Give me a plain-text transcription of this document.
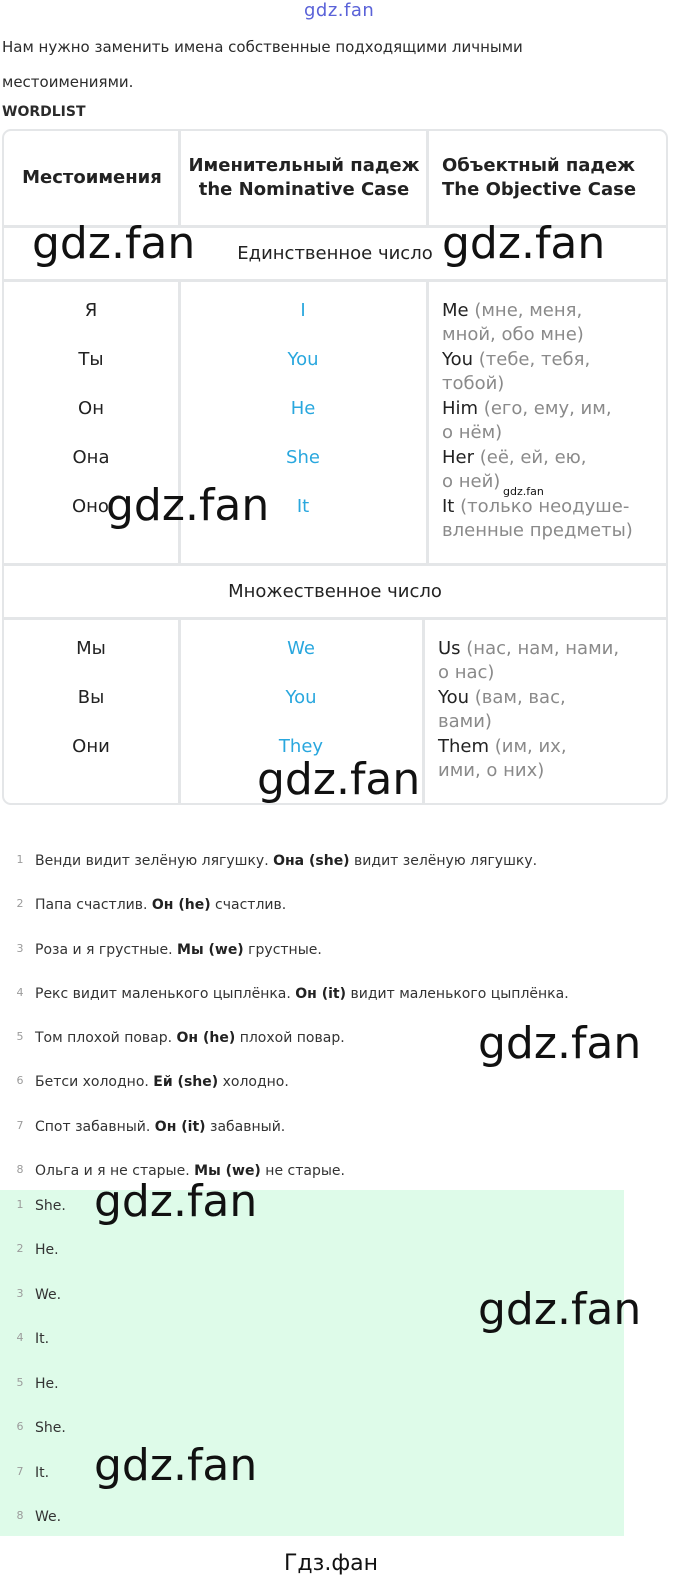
gdz.fan
Нам нужно заменить имена собственные подходящими личными местоимениями.
WORDLIST
Местоимения
Именительный падеж
the Nominative Case
Объектный падеж
The Objective Case
Единственное число
Я
Ты
Он
Она
Оно
I
You
He
She
It
Me (мне, меня,
мной, обо мне)
You (тебе, тебя,
тобой)
Him (его, ему, им,
о нём)
Her (её, ей, ею,
о ней)
It (только неодуше-
вленные предметы)
Множественное число
Мы
Вы
Они
We
You
They
Us (нас, нам, нами,
о нас)
You (вам, вас,
вами)
Them (им, их,
ими, о них)
gdz.fan	gdz.fan
gdz.fan	gdz.fan
gdz.fan
1 Венди видит зелёную лягушку. Она (she) видит зелёную лягушку.
2 Папа счастлив. Он (he) счастлив.
3 Роза и я грустные. Мы (we) грустные.
4 Рекс видит маленького цыплёнка. Он (it) видит маленького цыплёнка.
5 Том плохой повар. Он (he) плохой повар.
6 Бетси холодно. Ей (she) холодно.
7 Спот забавный. Он (it) забавный.
8 Ольга и я не старые. Мы (we) не старые.
gdz.fan
1 She.
2 He.
3 We.
4 It.
5 He.
6 She.
7 It.
8 We.
gdz.fan
gdz.fan
gdz.fan
Гдз.фан
